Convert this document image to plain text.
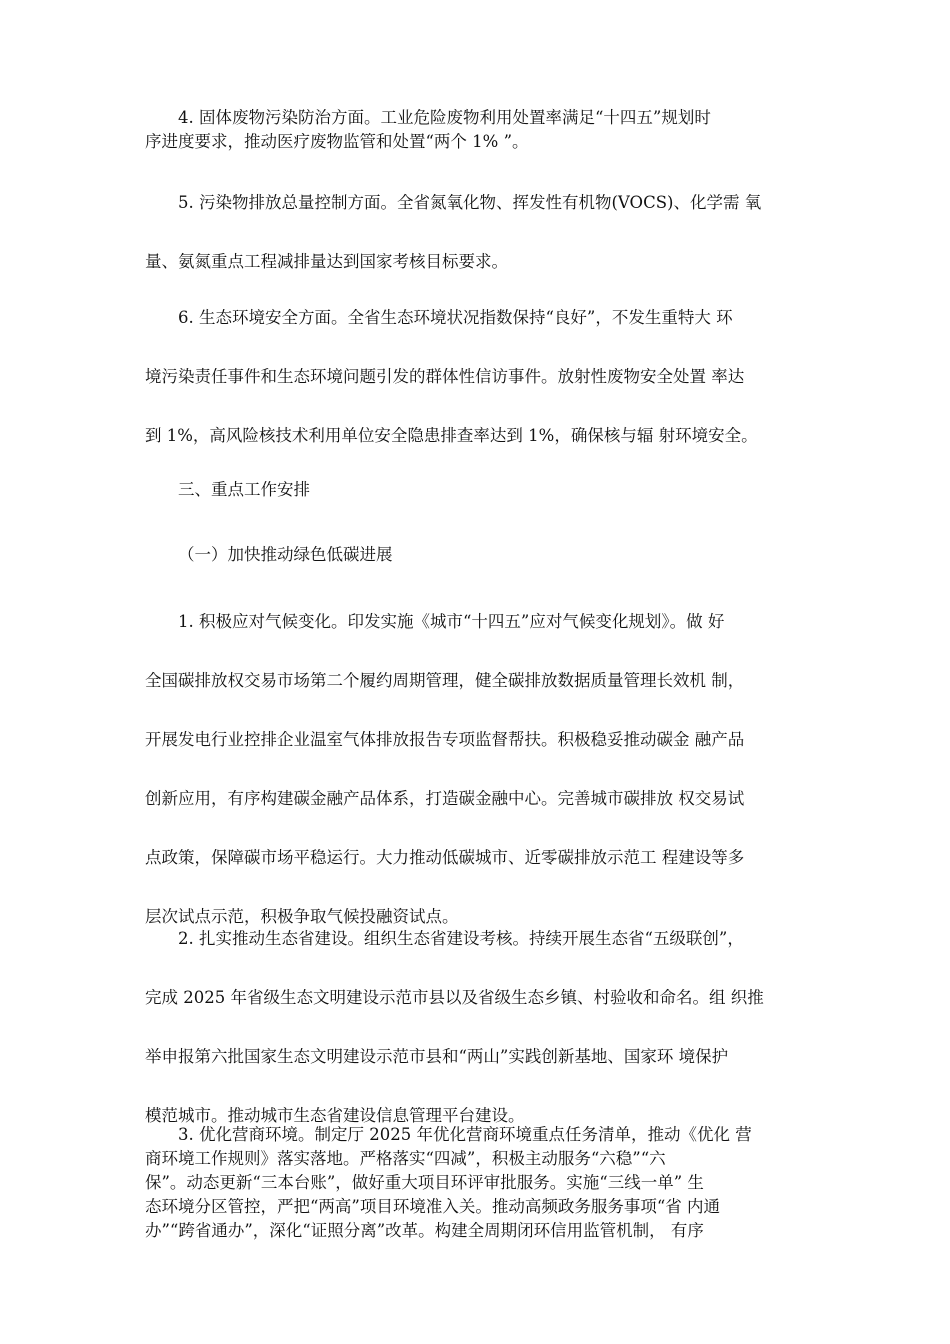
4. 固体废物污染防治方面。工业危险废物利用处置率满足“十四五”规划时
序进度要求，推动医疗废物监管和处置“两个 1% ”。
5. 污染物排放总量控制方面。全省氮氧化物、挥发性有机物(VOCS)、化学需 氧
量、氨氮重点工程减排量达到国家考核目标要求。
6. 生态环境安全方面。全省生态环境状况指数保持“良好”，不发生重特大 环
境污染责任事件和生态环境问题引发的群体性信访事件。放射性废物安全处置 率达
到 1%，高风险核技术利用单位安全隐患排查率达到 1%，确保核与辐 射环境安全。
三、重点工作安排
（一）加快推动绿色低碳进展
1. 积极应对气候变化。印发实施《城市“十四五”应对气候变化规划》。做 好
全国碳排放权交易市场第二个履约周期管理，健全碳排放数据质量管理长效机 制，
开展发电行业控排企业温室气体排放报告专项监督帮扶。积极稳妥推动碳金 融产品
创新应用，有序构建碳金融产品体系，打造碳金融中心。完善城市碳排放 权交易试
点政策，保障碳市场平稳运行。大力推动低碳城市、近零碳排放示范工 程建设等多
层次试点示范，积极争取气候投融资试点。
2. 扎实推动生态省建设。组织生态省建设考核。持续开展生态省“五级联创”，
完成 2025 年省级生态文明建设示范市县以及省级生态乡镇、村验收和命名。组 织推
举申报第六批国家生态文明建设示范市县和“两山”实践创新基地、国家环 境保护
模范城市。推动城市生态省建设信息管理平台建设。
3. 优化营商环境。制定厅 2025 年优化营商环境重点任务清单，推动《优化 营
商环境工作规则》落实落地。严格落实“四减”，积极主动服务“六稳”“六
保”。动态更新“三本台账”，做好重大项目环评审批服务。实施“三线一单” 生
态环境分区管控，严把“两高”项目环境准入关。推动高频政务服务事项“省 内通
办”“跨省通办”，深化“证照分离”改革。构建全周期闭环信用监管机制， 有序
